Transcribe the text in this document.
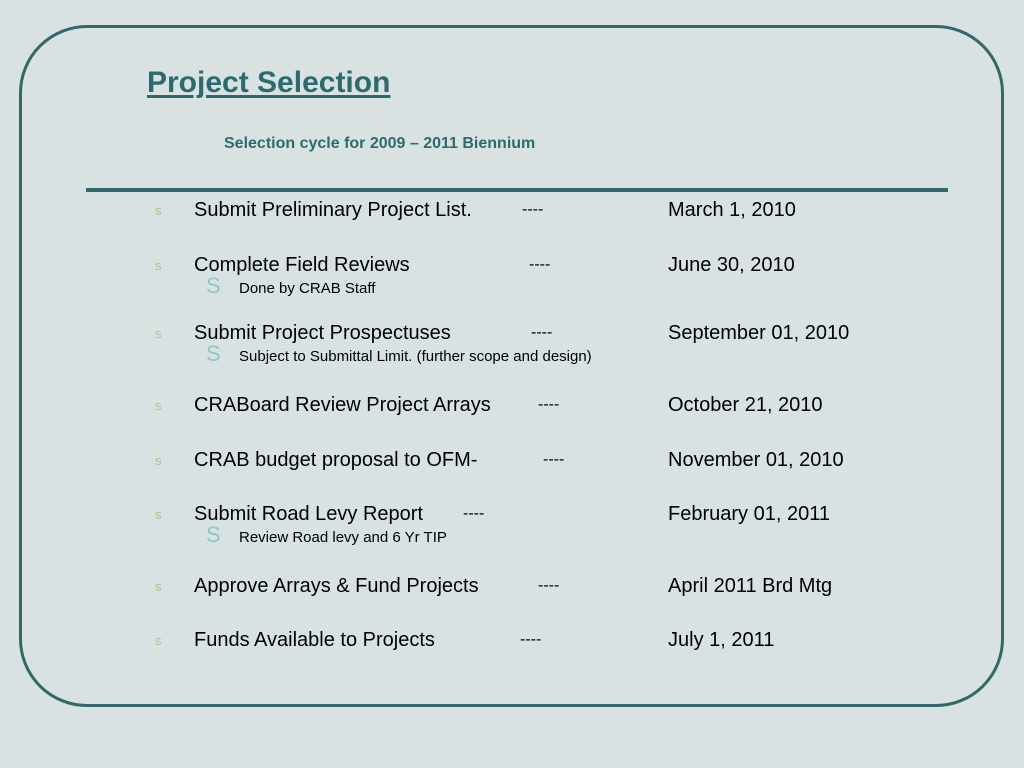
Project Selection
Selection cycle for 2009 – 2011 Biennium
s Submit Preliminary Project List.	----	March 1, 2010
s Complete Field Reviews	----	June 30, 2010
S Done by CRAB Staff
s Submit Project Prospectuses	----	September 01, 2010
S Subject to Submittal Limit. (further scope and design)
s CRABoard Review Project Arrays	----	October 21, 2010
s CRAB budget proposal to OFM-	----	November 01, 2010
s Submit Road Levy Report ----	February 01, 2011
S Review Road levy and 6 Yr TIP
s Approve Arrays & Fund Projects	----	April 2011 Brd Mtg
s Funds Available to Projects	----	July 1, 2011
